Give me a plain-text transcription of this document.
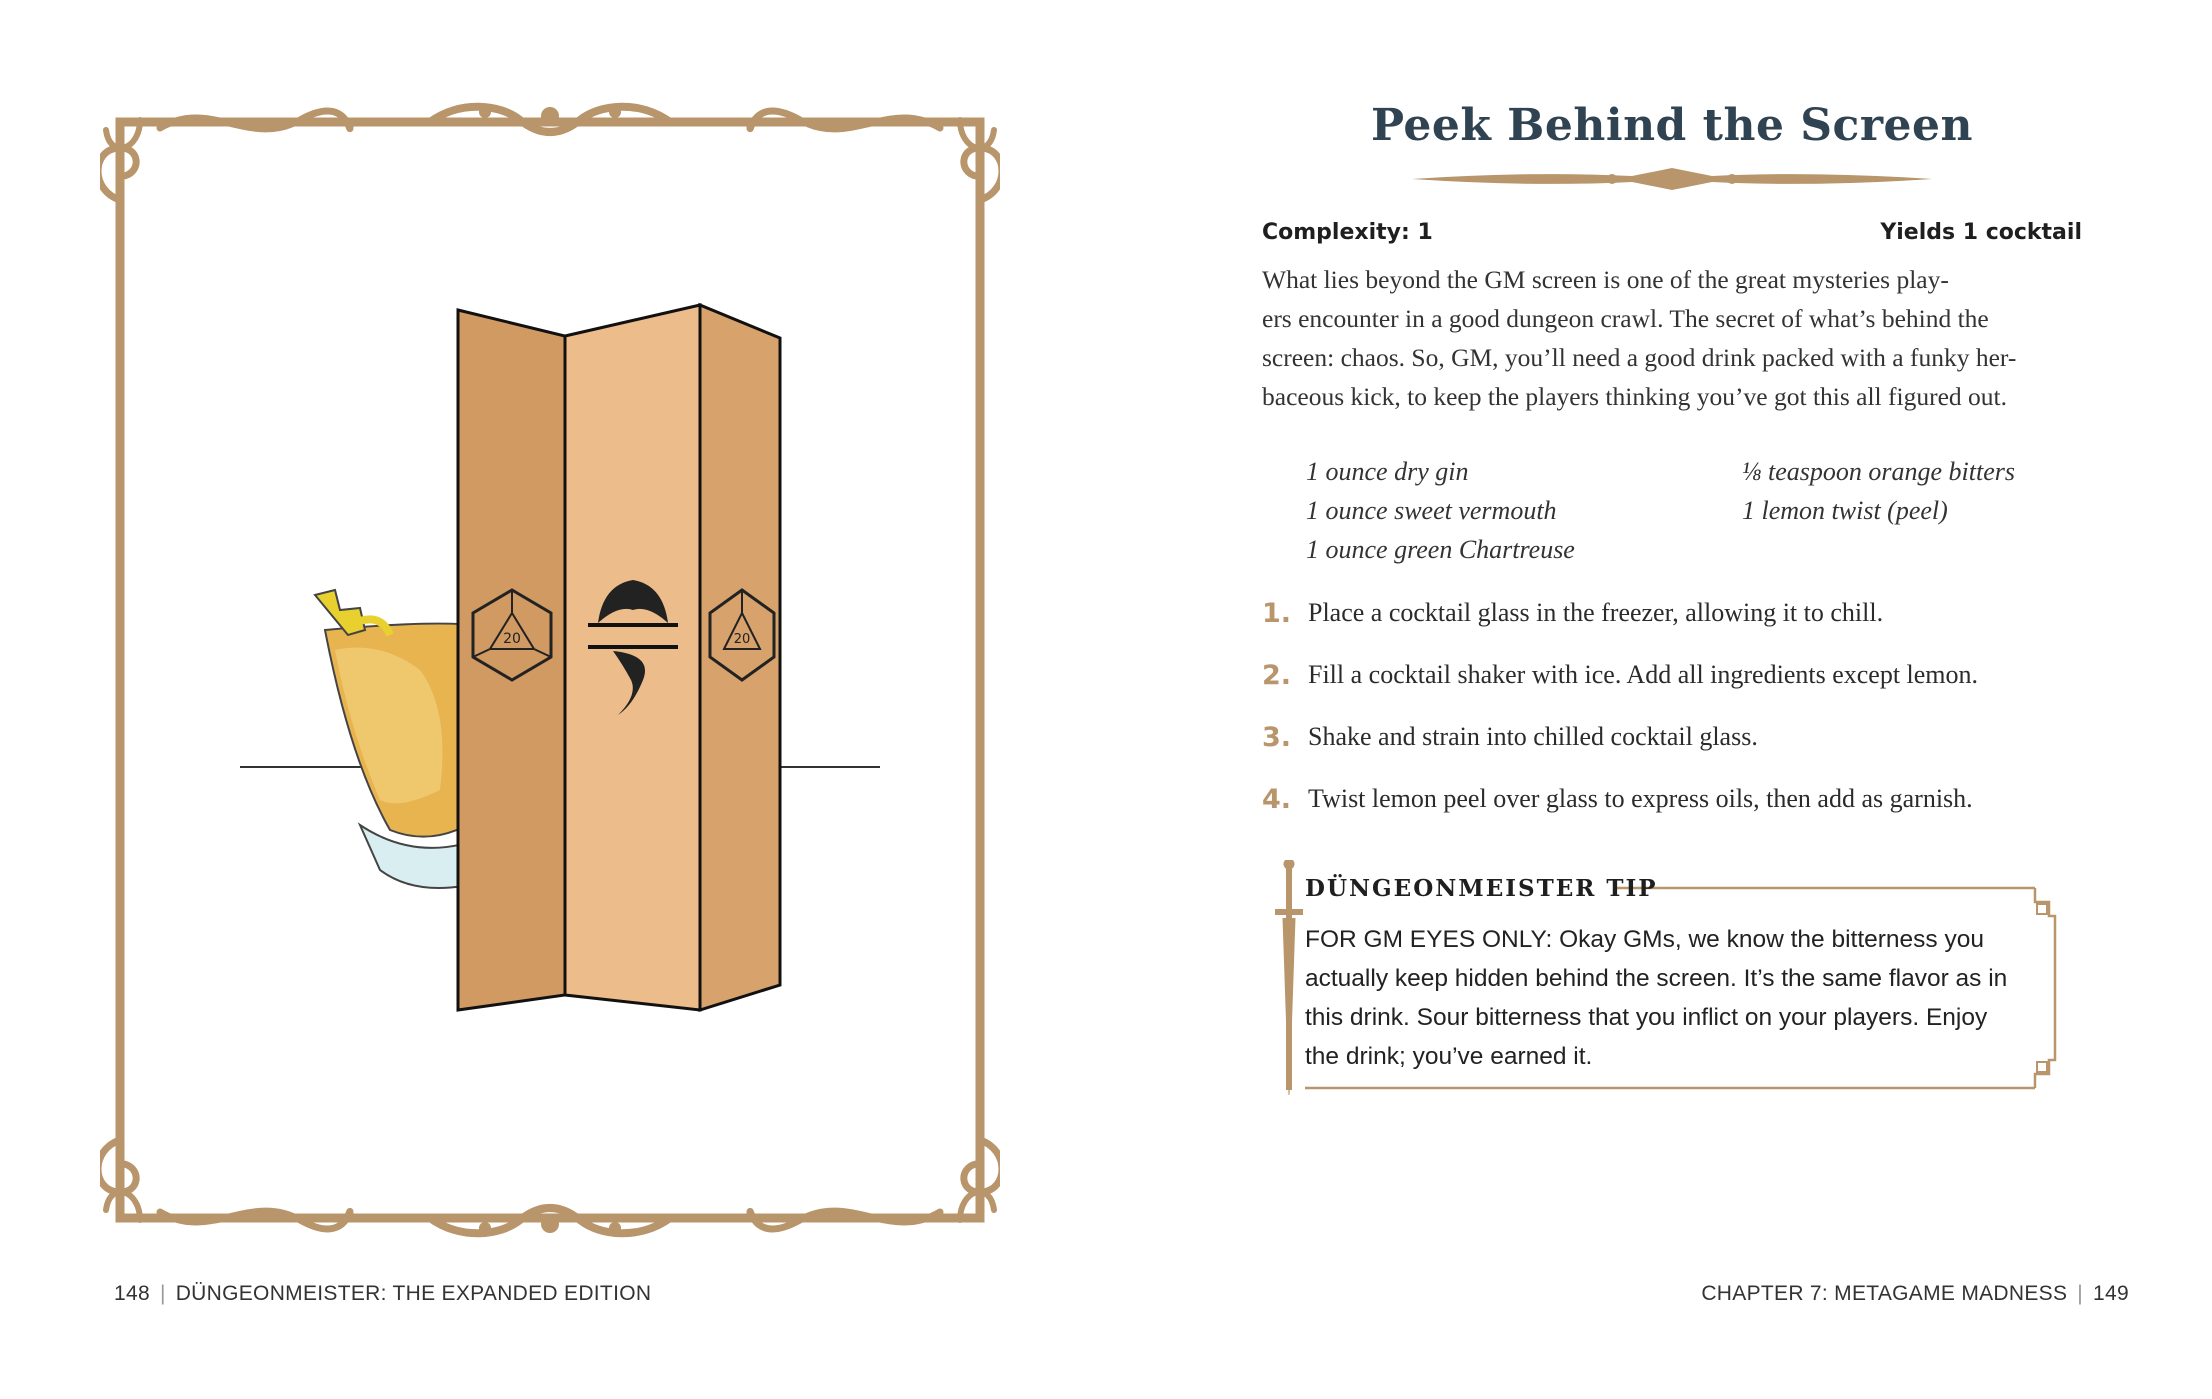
20	20
148 | DÜNGEONMEISTER: THE EXPANDED EDITION
Peek Behind the Screen
Complexity: 1	Yields 1 cocktail

What lies beyond the GM screen is one of the great mysteries play-

ers encounter in a good dungeon crawl. The secret of what’s behind the

screen: chaos. So, GM, you’ll need a good drink packed with a funky her-

baceous kick, to keep the players thinking you’ve got this all figured out.

1 ounce dry gin
1 ounce sweet vermouth
1 ounce green Chartreuse
⅛ teaspoon orange bitters
1 lemon twist (peel)
1. Place a cocktail glass in the freezer, allowing it to chill.
2. Fill a cocktail shaker with ice. Add all ingredients except lemon.
3. Shake and strain into chilled cocktail glass.
4. Twist lemon peel over glass to express oils, then add as garnish.
DÜNGEONMEISTER TIP
FOR GM EYES ONLY: Okay GMs, we know the bitterness you
actually keep hidden behind the screen. It’s the same flavor as in
this drink. Sour bitterness that you inflict on your players. Enjoy
the drink; you’ve earned it.
CHAPTER 7: METAGAME MADNESS | 149
